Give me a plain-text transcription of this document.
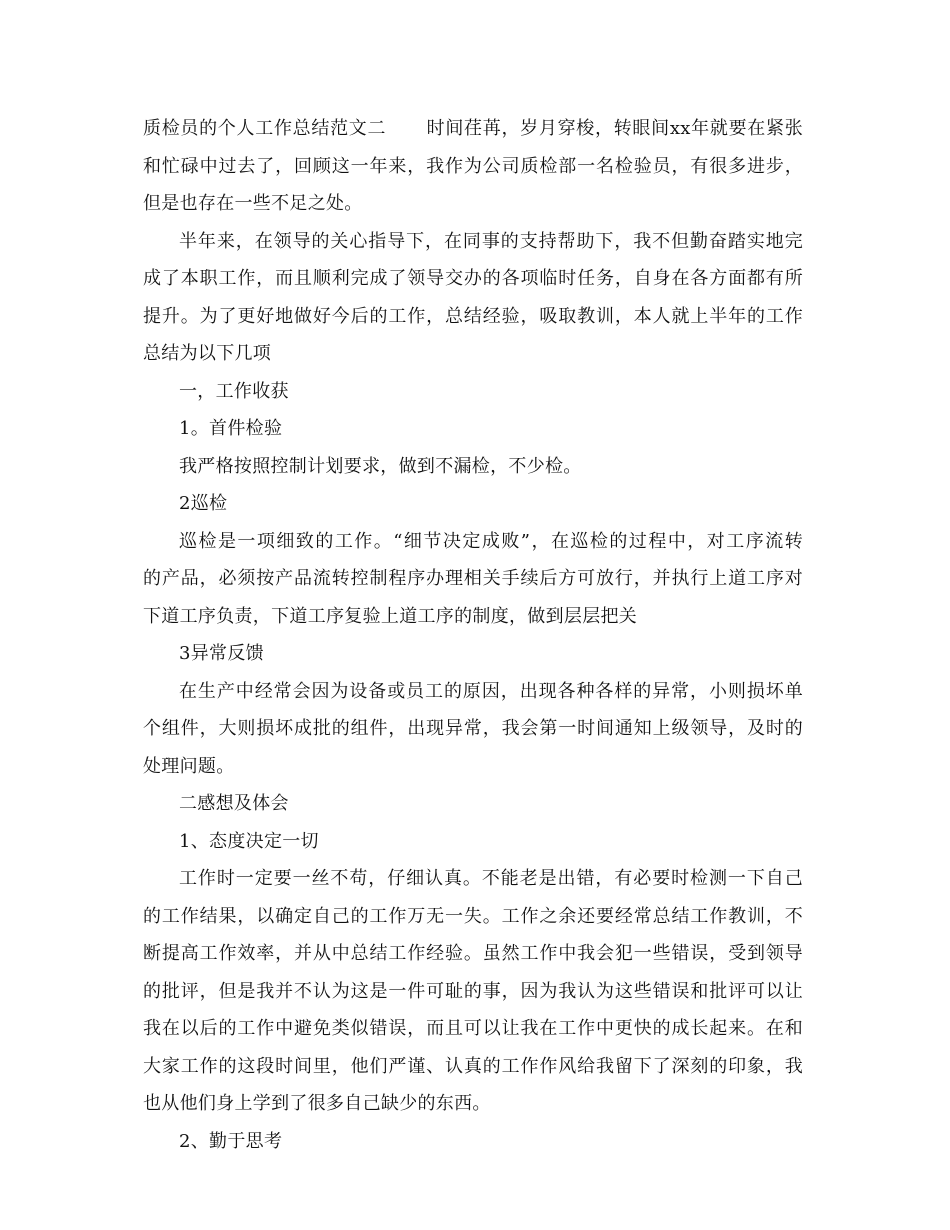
质检员的个人工作总结范文二 时间荏苒，岁月穿梭，转眼间xx年就要在紧张
和忙碌中过去了，回顾这一年来，我作为公司质检部一名检验员，有很多进步，
但是也存在一些不足之处。
半年来，在领导的关心指导下，在同事的支持帮助下，我不但勤奋踏实地完
成了本职工作，而且顺利完成了领导交办的各项临时任务，自身在各方面都有所
提升。为了更好地做好今后的工作，总结经验，吸取教训，本人就上半年的工作
总结为以下几项
一，工作收获
1。首件检验
我严格按照控制计划要求，做到不漏检，不少检。
2巡检
巡检是一项细致的工作。“细节决定成败”，在巡检的过程中，对工序流转
的产品，必须按产品流转控制程序办理相关手续后方可放行，并执行上道工序对
下道工序负责，下道工序复验上道工序的制度，做到层层把关
3异常反馈
在生产中经常会因为设备或员工的原因，出现各种各样的异常，小则损坏单
个组件，大则损坏成批的组件，出现异常，我会第一时间通知上级领导，及时的
处理问题。
二感想及体会
1、态度决定一切
工作时一定要一丝不苟，仔细认真。不能老是出错，有必要时检测一下自己
的工作结果，以确定自己的工作万无一失。工作之余还要经常总结工作教训，不
断提高工作效率，并从中总结工作经验。虽然工作中我会犯一些错误，受到领导
的批评，但是我并不认为这是一件可耻的事，因为我认为这些错误和批评可以让
我在以后的工作中避免类似错误，而且可以让我在工作中更快的成长起来。在和
大家工作的这段时间里，他们严谨、认真的工作作风给我留下了深刻的印象，我
也从他们身上学到了很多自己缺少的东西。
2、勤于思考
